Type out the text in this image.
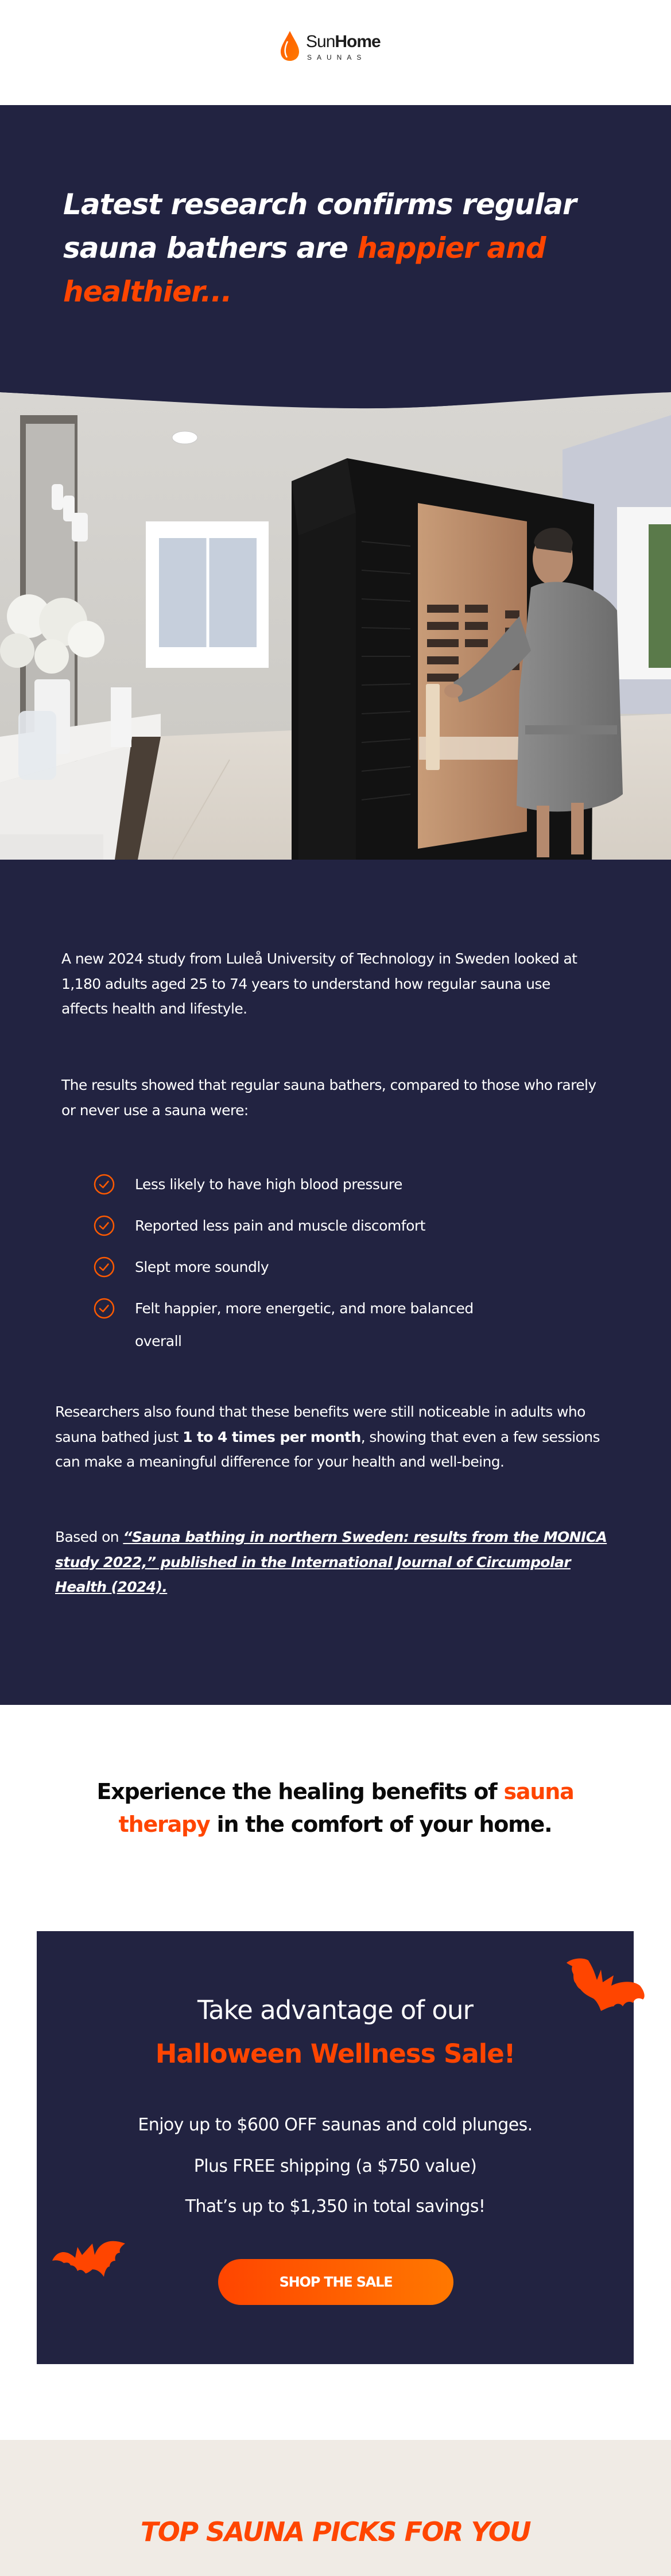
SunHome
SAUNAS
Latest research confirms regular
sauna bathers are happier and
healthier...
A new 2024 study from Luleå University of Technology in Sweden looked at 1,180 adults aged 25 to 74 years to understand how regular sauna use affects health and lifestyle.
The results showed that regular sauna bathers, compared to those who rarely or never use a sauna were:
Less likely to have high blood pressure
Reported less pain and muscle discomfort
Slept more soundly
Felt happier, more energetic, and more balanced overall
Researchers also found that these benefits were still noticeable in adults who sauna bathed just 1 to 4 times per month, showing that even a few sessions can make a meaningful difference for your health and well-being.
Based on “Sauna bathing in northern Sweden: results from the MONICA study 2022,” published in the International Journal of Circumpolar Health (2024).
Experience the healing benefits of sauna therapy in the comfort of your home.
Take advantage of our
Halloween Wellness Sale!
Enjoy up to $600 OFF saunas and cold plunges.
Plus FREE shipping (a $750 value)
That’s up to $1,350 in total savings!
SHOP THE SALE
TOP SAUNA PICKS FOR YOU
